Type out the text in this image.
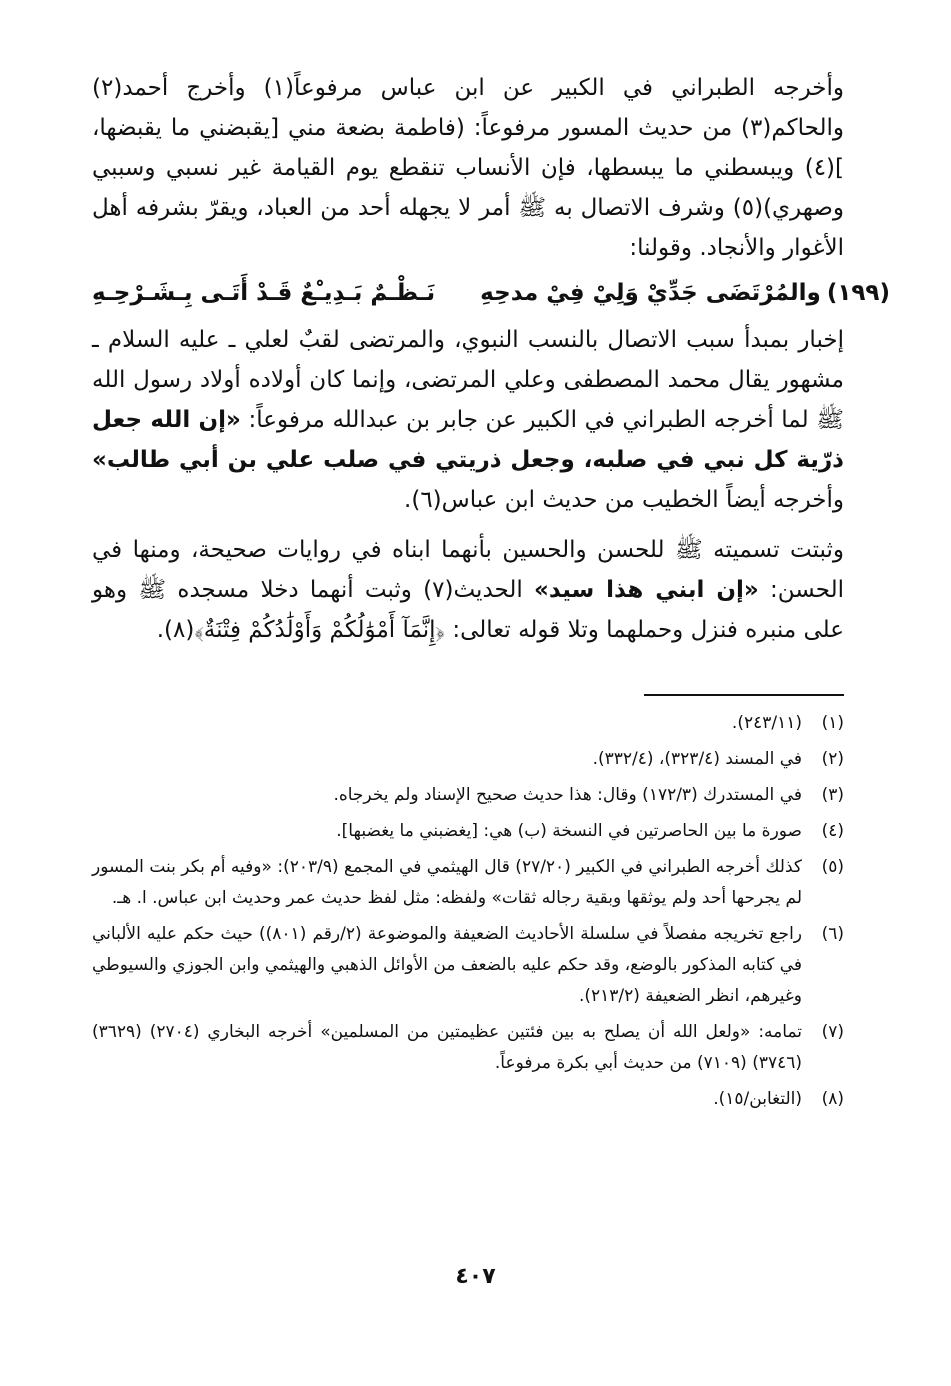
وأخرجه الطبراني في الكبير عن ابن عباس مرفوعاً(١) وأخرج أحمد(٢) والحاكم(٣) من حديث المسور مرفوعاً: (فاطمة بضعة مني [يقبضني ما يقبضها، ](٤) ويبسطني ما يبسطها، فإن الأنساب تنقطع يوم القيامة غير نسبي وسببي وصهري)(٥) وشرف الاتصال به ﷺ أمر لا يجهله أحد من العباد، ويقرّ بشرفه أهل الأغوار والأنجاد. وقولنا:

(١٩٩)
والمُرْتَضَى جَدِّيْ وَلِيْ فِيْ مدحِهِ
نَـظْـمٌ بَـدِيـْعٌ قَـدْ أَتَـى بِـشَـرْحِـهِ

إخبار بمبدأ سبب الاتصال بالنسب النبوي، والمرتضى لقبٌ لعلي ـ عليه السلام ـ مشهور يقال محمد المصطفى وعلي المرتضى، وإنما كان أولاده أولاد رسول الله ﷺ لما أخرجه الطبراني في الكبير عن جابر بن عبدالله مرفوعاً: «إن الله جعل ذرّية كل نبي في صلبه، وجعل ذريتي في صلب علي بن أبي طالب» وأخرجه أيضاً الخطيب من حديث ابن عباس(٦).

وثبتت تسميته ﷺ للحسن والحسين بأنهما ابناه في روايات صحيحة، ومنها في الحسن: «إن ابني هذا سيد» الحديث(٧) وثبت أنهما دخلا مسجده ﷺ وهو على منبره فنزل وحملهما وتلا قوله تعالى: ﴿إِنَّمَآ أَمْوَٰلُكُمْ وَأَوْلَٰدُكُمْ فِتْنَةٌ﴾(٨).

(١)
(٢٤٣/١١).
(٢)
في المسند (٣٢٣/٤)، (٣٣٢/٤).
(٣)
في المستدرك (١٧٢/٣) وقال: هذا حديث صحيح الإسناد ولم يخرجاه.
(٤)
صورة ما بين الحاصرتين في النسخة (ب) هي: [يغضبني ما يغضبها].
(٥)
كذلك أخرجه الطبراني في الكبير (٢٧/٢٠) قال الهيثمي في المجمع (٢٠٣/٩): «وفيه أم بكر بنت المسور لم يجرحها أحد ولم يوثقها وبقية رجاله ثقات» ولفظه: مثل لفظ حديث عمر وحديث ابن عباس. ا. هـ.
(٦)
راجع تخريجه مفصلاً في سلسلة الأحاديث الضعيفة والموضوعة (٢/رقم (٨٠١)) حيث حكم عليه الألباني في كتابه المذكور بالوضع، وقد حكم عليه بالضعف من الأوائل الذهبي والهيثمي وابن الجوزي والسيوطي وغيرهم، انظر الضعيفة (٢١٣/٢).
(٧)
تمامه: «ولعل الله أن يصلح به بين فئتين عظيمتين من المسلمين» أخرجه البخاري (٢٧٠٤) (٣٦٢٩) (٣٧٤٦) (٧١٠٩) من حديث أبي بكرة مرفوعاً.
(٨)
(التغابن/١٥).
٤٠٧
